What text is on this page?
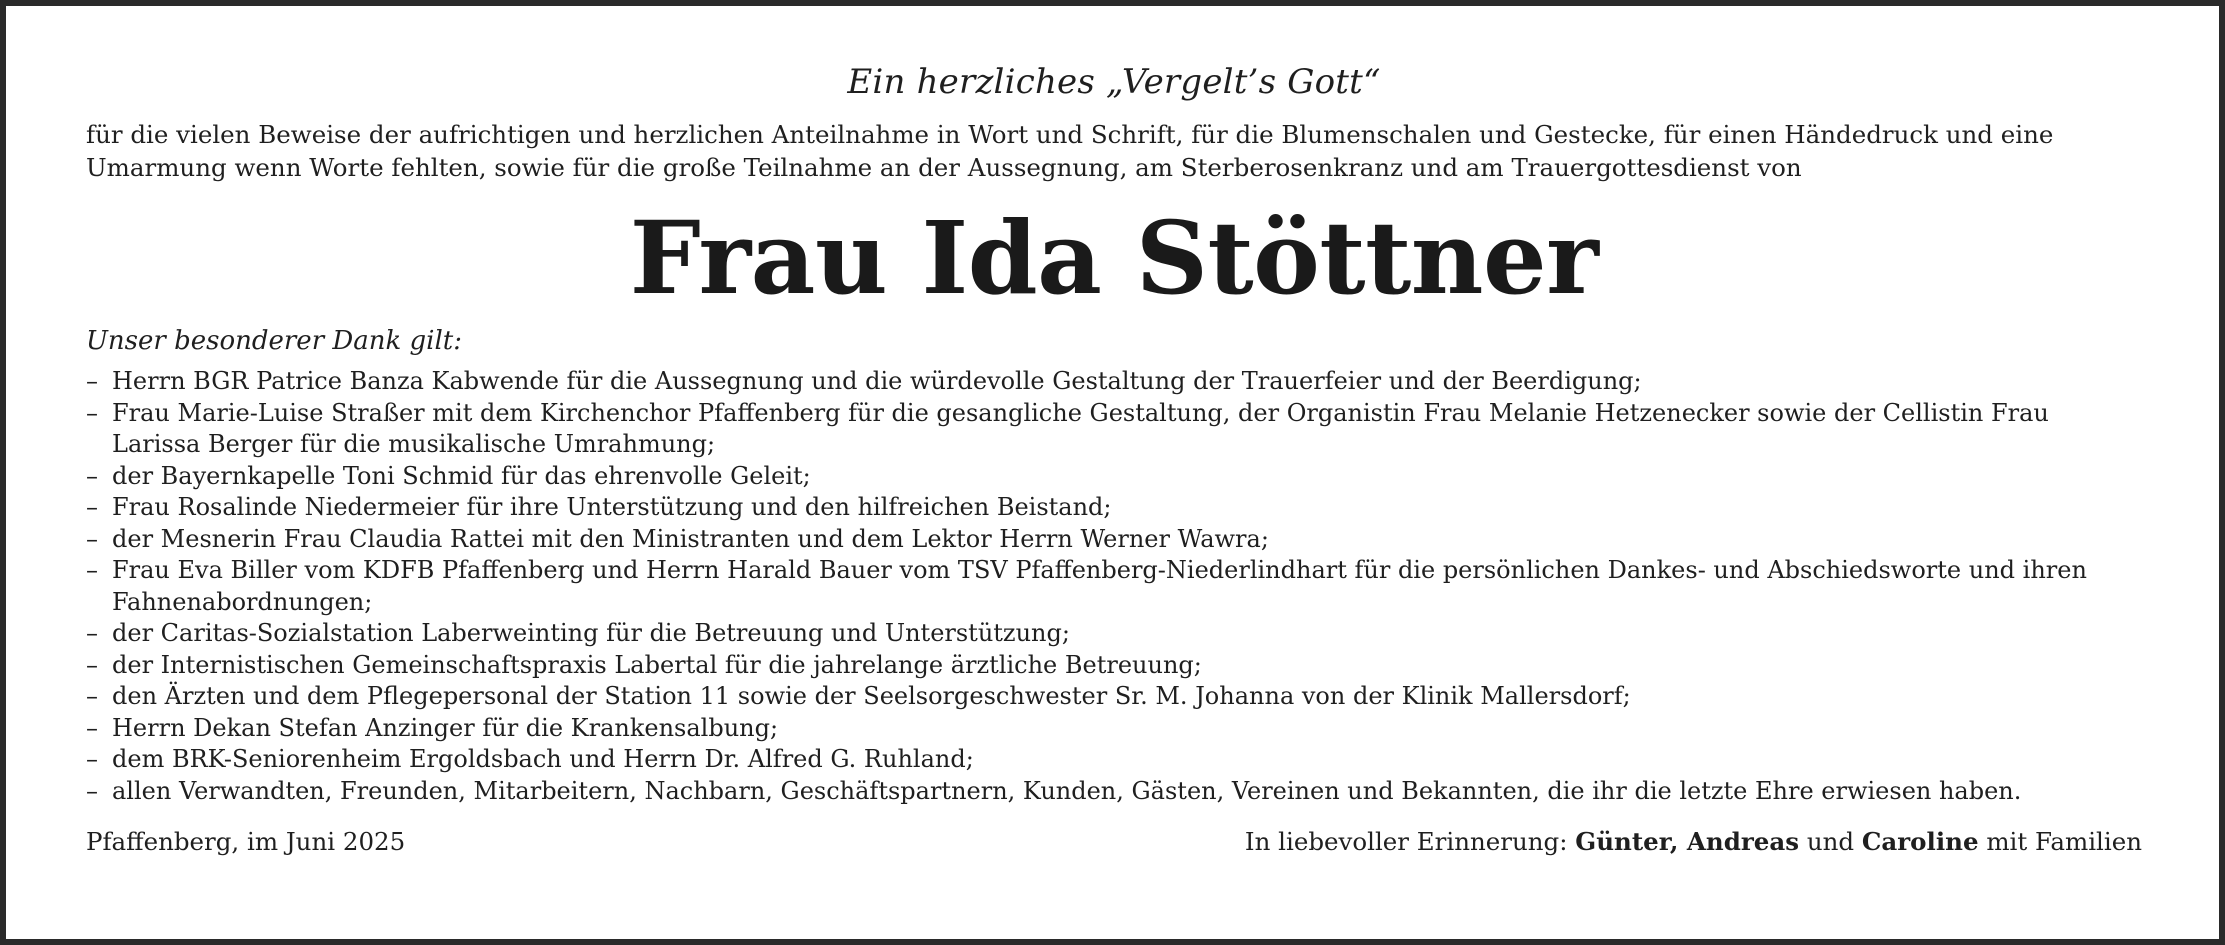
Ein herzliches „Vergelt’s Gott“
für die vielen Beweise der aufrichtigen und herzlichen Anteilnahme in Wort und Schrift, für die Blumenschalen und Gestecke, für einen Händedruck und eine Umarmung wenn Worte fehlten, sowie für die große Teilnahme an der Aussegnung, am Sterberosenkranz und am Trauergottesdienst von
Frau Ida Stöttner
Unser besonderer Dank gilt:
– Herrn BGR Patrice Banza Kabwende für die Aussegnung und die würdevolle Gestaltung der Trauerfeier und der Beerdigung;
– Frau Marie-Luise Straßer mit dem Kirchenchor Pfaffenberg für die gesangliche Gestaltung, der Organistin Frau Melanie Hetzenecker sowie der Cellistin Frau Larissa Berger für die musikalische Umrahmung;
– der Bayernkapelle Toni Schmid für das ehrenvolle Geleit;
– Frau Rosalinde Niedermeier für ihre Unterstützung und den hilfreichen Beistand;
– der Mesnerin Frau Claudia Rattei mit den Ministranten und dem Lektor Herrn Werner Wawra;
– Frau Eva Biller vom KDFB Pfaffenberg und Herrn Harald Bauer vom TSV Pfaffenberg-Niederlindhart für die persönlichen Dankes- und Abschiedsworte und ihren Fahnenabordnungen;
– der Caritas-Sozialstation Laberweinting für die Betreuung und Unterstützung;
– der Internistischen Gemeinschaftspraxis Labertal für die jahrelange ärztliche Betreuung;
– den Ärzten und dem Pflegepersonal der Station 11 sowie der Seelsorgeschwester Sr. M. Johanna von der Klinik Mallersdorf;
– Herrn Dekan Stefan Anzinger für die Krankensalbung;
– dem BRK-Seniorenheim Ergoldsbach und Herrn Dr. Alfred G. Ruhland;
– allen Verwandten, Freunden, Mitarbeitern, Nachbarn, Geschäftspartnern, Kunden, Gästen, Vereinen und Bekannten, die ihr die letzte Ehre erwiesen haben.
Pfaffenberg, im Juni 2025	In liebevoller Erinnerung: Günter, Andreas und Caroline mit Familien
